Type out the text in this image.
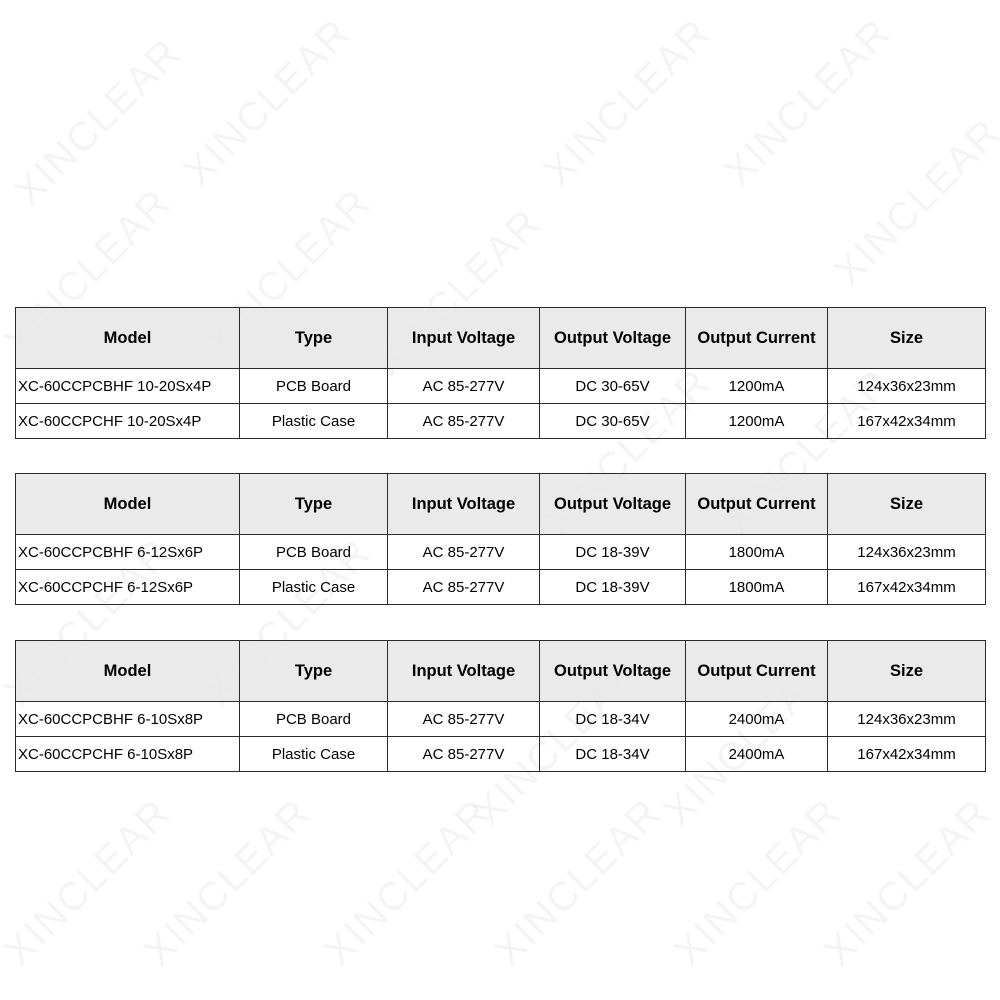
Model	Type	Input Voltage	Output Voltage	Output Current	Size
XC-60CCPCBHF 10-20Sx4P	PCB Board	AC 85-277V	DC 30-65V	1200mA	124x36x23mm
XC-60CCPCHF 10-20Sx4P	Plastic Case	AC 85-277V	DC 30-65V	1200mA	167x42x34mm
Model	Type	Input Voltage	Output Voltage	Output Current	Size
XC-60CCPCBHF 6-12Sx6P	PCB Board	AC 85-277V	DC 18-39V	1800mA	124x36x23mm
XC-60CCPCHF 6-12Sx6P	Plastic Case	AC 85-277V	DC 18-39V	1800mA	167x42x34mm
Model	Type	Input Voltage	Output Voltage	Output Current	Size
XC-60CCPCBHF 6-10Sx8P	PCB Board	AC 85-277V	DC 18-34V	2400mA	124x36x23mm
XC-60CCPCHF 6-10Sx8P	Plastic Case	AC 85-277V	DC 18-34V	2400mA	167x42x34mm
